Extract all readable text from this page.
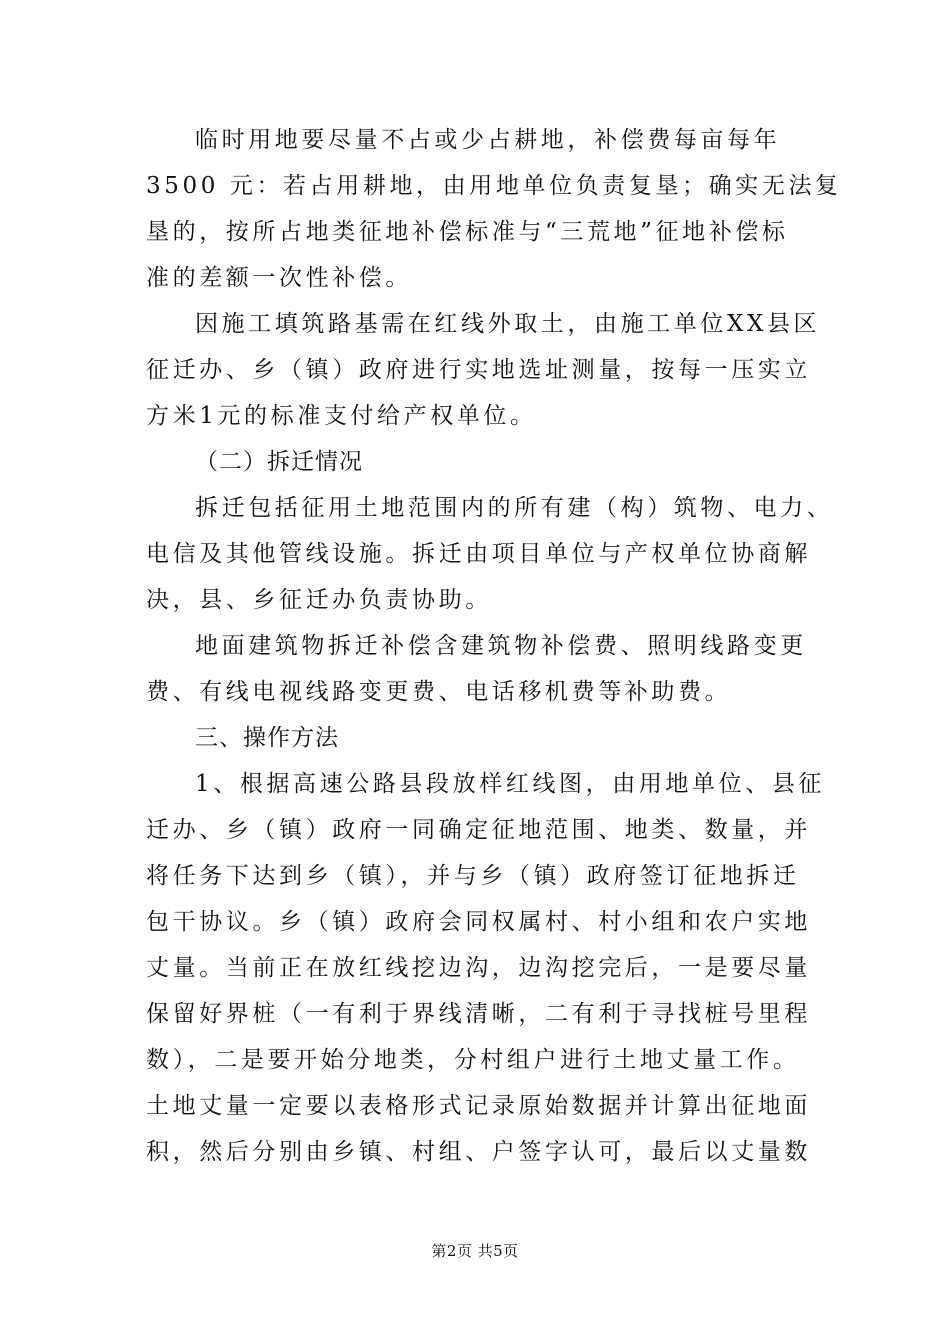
临时用地要尽量不占或少占耕地，补偿费每亩每年
3500 元：若占用耕地，由用地单位负责复垦；确实无法复
垦的，按所占地类征地补偿标准与“三荒地”征地补偿标
准的差额一次性补偿。
因施工填筑路基需在红线外取土，由施工单位XX县区
征迁办、乡（镇）政府进行实地选址测量，按每一压实立
方米1元的标准支付给产权单位。
（二）拆迁情况
拆迁包括征用土地范围内的所有建（构）筑物、电力、
电信及其他管线设施。拆迁由项目单位与产权单位协商解
决，县、乡征迁办负责协助。
地面建筑物拆迁补偿含建筑物补偿费、照明线路变更
费、有线电视线路变更费、电话移机费等补助费。
三、操作方法
1、根据高速公路县段放样红线图，由用地单位、县征
迁办、乡（镇）政府一同确定征地范围、地类、数量，并
将任务下达到乡（镇），并与乡（镇）政府签订征地拆迁
包干协议。乡（镇）政府会同权属村、村小组和农户实地
丈量。当前正在放红线挖边沟，边沟挖完后，一是要尽量
保留好界桩（一有利于界线清晰，二有利于寻找桩号里程
数），二是要开始分地类，分村组户进行土地丈量工作。
土地丈量一定要以表格形式记录原始数据并计算出征地面
积，然后分别由乡镇、村组、户签字认可，最后以丈量数
第2页 共5页
